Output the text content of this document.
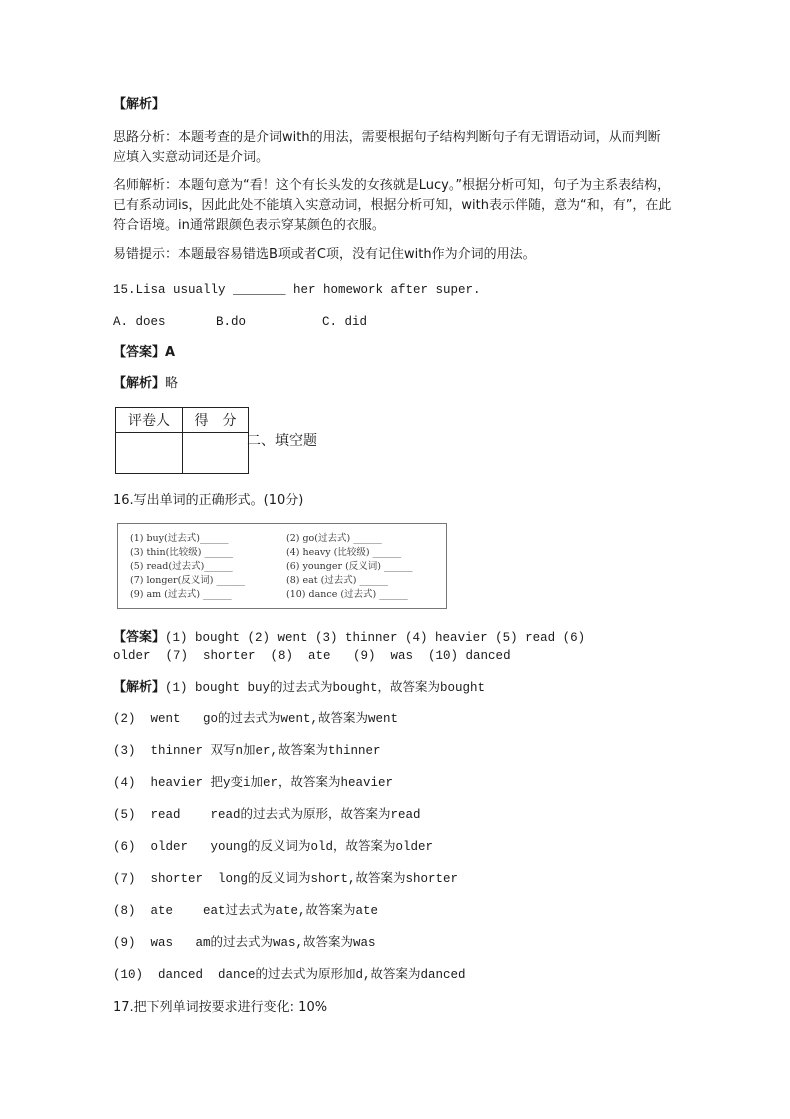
【解析】
思路分析：本题考查的是介词with的用法，需要根据句子结构判断句子有无谓语动词，从而判断应填入实意动词还是介词。
名师解析：本题句意为“看！这个有长头发的女孩就是Lucy。”根据分析可知，句子为主系表结构，已有系动词is，因此此处不能填入实意动词，根据分析可知，with表示伴随，意为“和，有”，在此符合语境。in通常跟颜色表示穿某颜色的衣服。
易错提示：本题最容易错选B项或者C项，没有记住with作为介词的用法。
15.Lisa usually _______ her homework after super.
A. does	B.do	C. did
【答案】A
【解析】略
评卷人	得　分

二、填空题
16.写出单词的正确形式。(10分)
(1) buy(过去式)______	(2) go(过去式) ______
(3) thin(比较级) ______	(4) heavy (比较级) ______
(5) read(过去式)______	(6) younger (反义词) ______
(7) longer(反义词) ______	(8) eat (过去式) ______
(9) am (过去式) ______	(10) dance (过去式) ______
【答案】(1) bought (2) went (3) thinner (4) heavier (5) read (6)
older  (7)  shorter  (8)  ate   (9)  was  (10) danced
【解析】(1) bought buy的过去式为bought，故答案为bought
(2)  went   go的过去式为went,故答案为went
(3)  thinner 双写n加er,故答案为thinner
(4)  heavier 把y变i加er，故答案为heavier
(5)  read    read的过去式为原形，故答案为read
(6)  older   young的反义词为old，故答案为older
(7)  shorter  long的反义词为short,故答案为shorter
(8)  ate    eat过去式为ate,故答案为ate
(9)  was   am的过去式为was,故答案为was
(10)  danced  dance的过去式为原形加d,故答案为danced
17.把下列单词按要求进行变化: 10%
